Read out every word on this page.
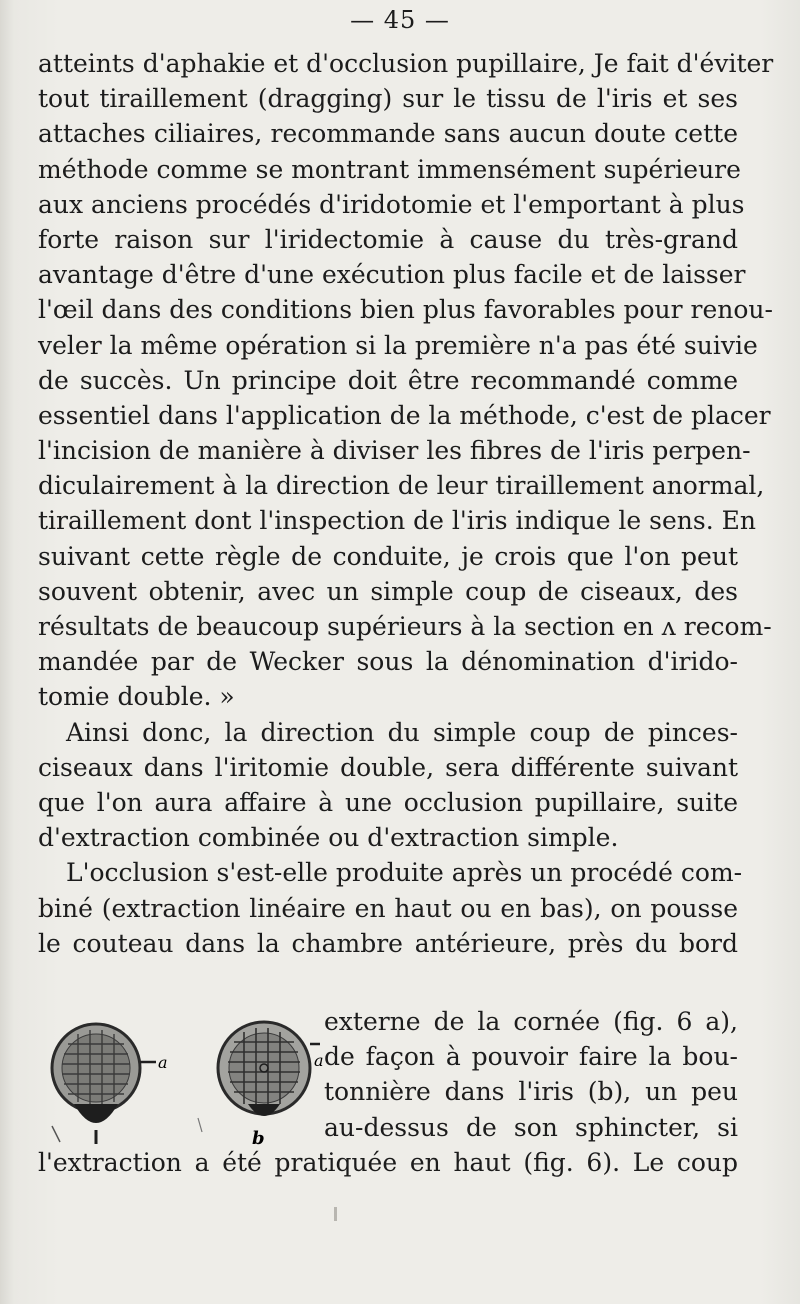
— 45 —
atteints d'aphakie et d'occlusion pupillaire, Je fait d'éviter
tout tiraillement (dragging) sur le tissu de l'iris et ses
attaches ciliaires, recommande sans aucun doute cette
méthode comme se montrant immensément supérieure
aux anciens procédés d'iridotomie et l'emportant à plus
forte raison sur l'iridectomie à cause du très-grand
avantage d'être d'une exécution plus facile et de laisser
l'œil dans des conditions bien plus favorables pour renou-
veler la même opération si la première n'a pas été suivie
de succès. Un principe doit être recommandé comme
essentiel dans l'application de la méthode, c'est de placer
l'incision de manière à diviser les fibres de l'iris perpen-
diculairement à la direction de leur tiraillement anormal,
tiraillement dont l'inspection de l'iris indique le sens. En
suivant cette règle de conduite, je crois que l'on peut
souvent obtenir, avec un simple coup de ciseaux, des
résultats de beaucoup supérieurs à la section en ʌ recom-
mandée par de Wecker sous la dénomination d'irido-
tomie double. »
Ainsi donc, la direction du simple coup de pinces-
ciseaux dans l'iritomie double, sera différente suivant
que l'on aura affaire à une occlusion pupillaire, suite
d'extraction combinée ou d'extraction simple.
L'occlusion s'est-elle produite après un procédé com-
biné (extraction linéaire en haut ou en bas), on pousse
le couteau dans la chambre antérieure, près du bord
a	a
b
externe de la cornée (fig. 6 a),
de façon à pouvoir faire la bou-
tonnière dans l'iris (b), un peu
au-dessus de son sphincter, si
l'extraction a été pratiquée en haut (fig. 6). Le coup
